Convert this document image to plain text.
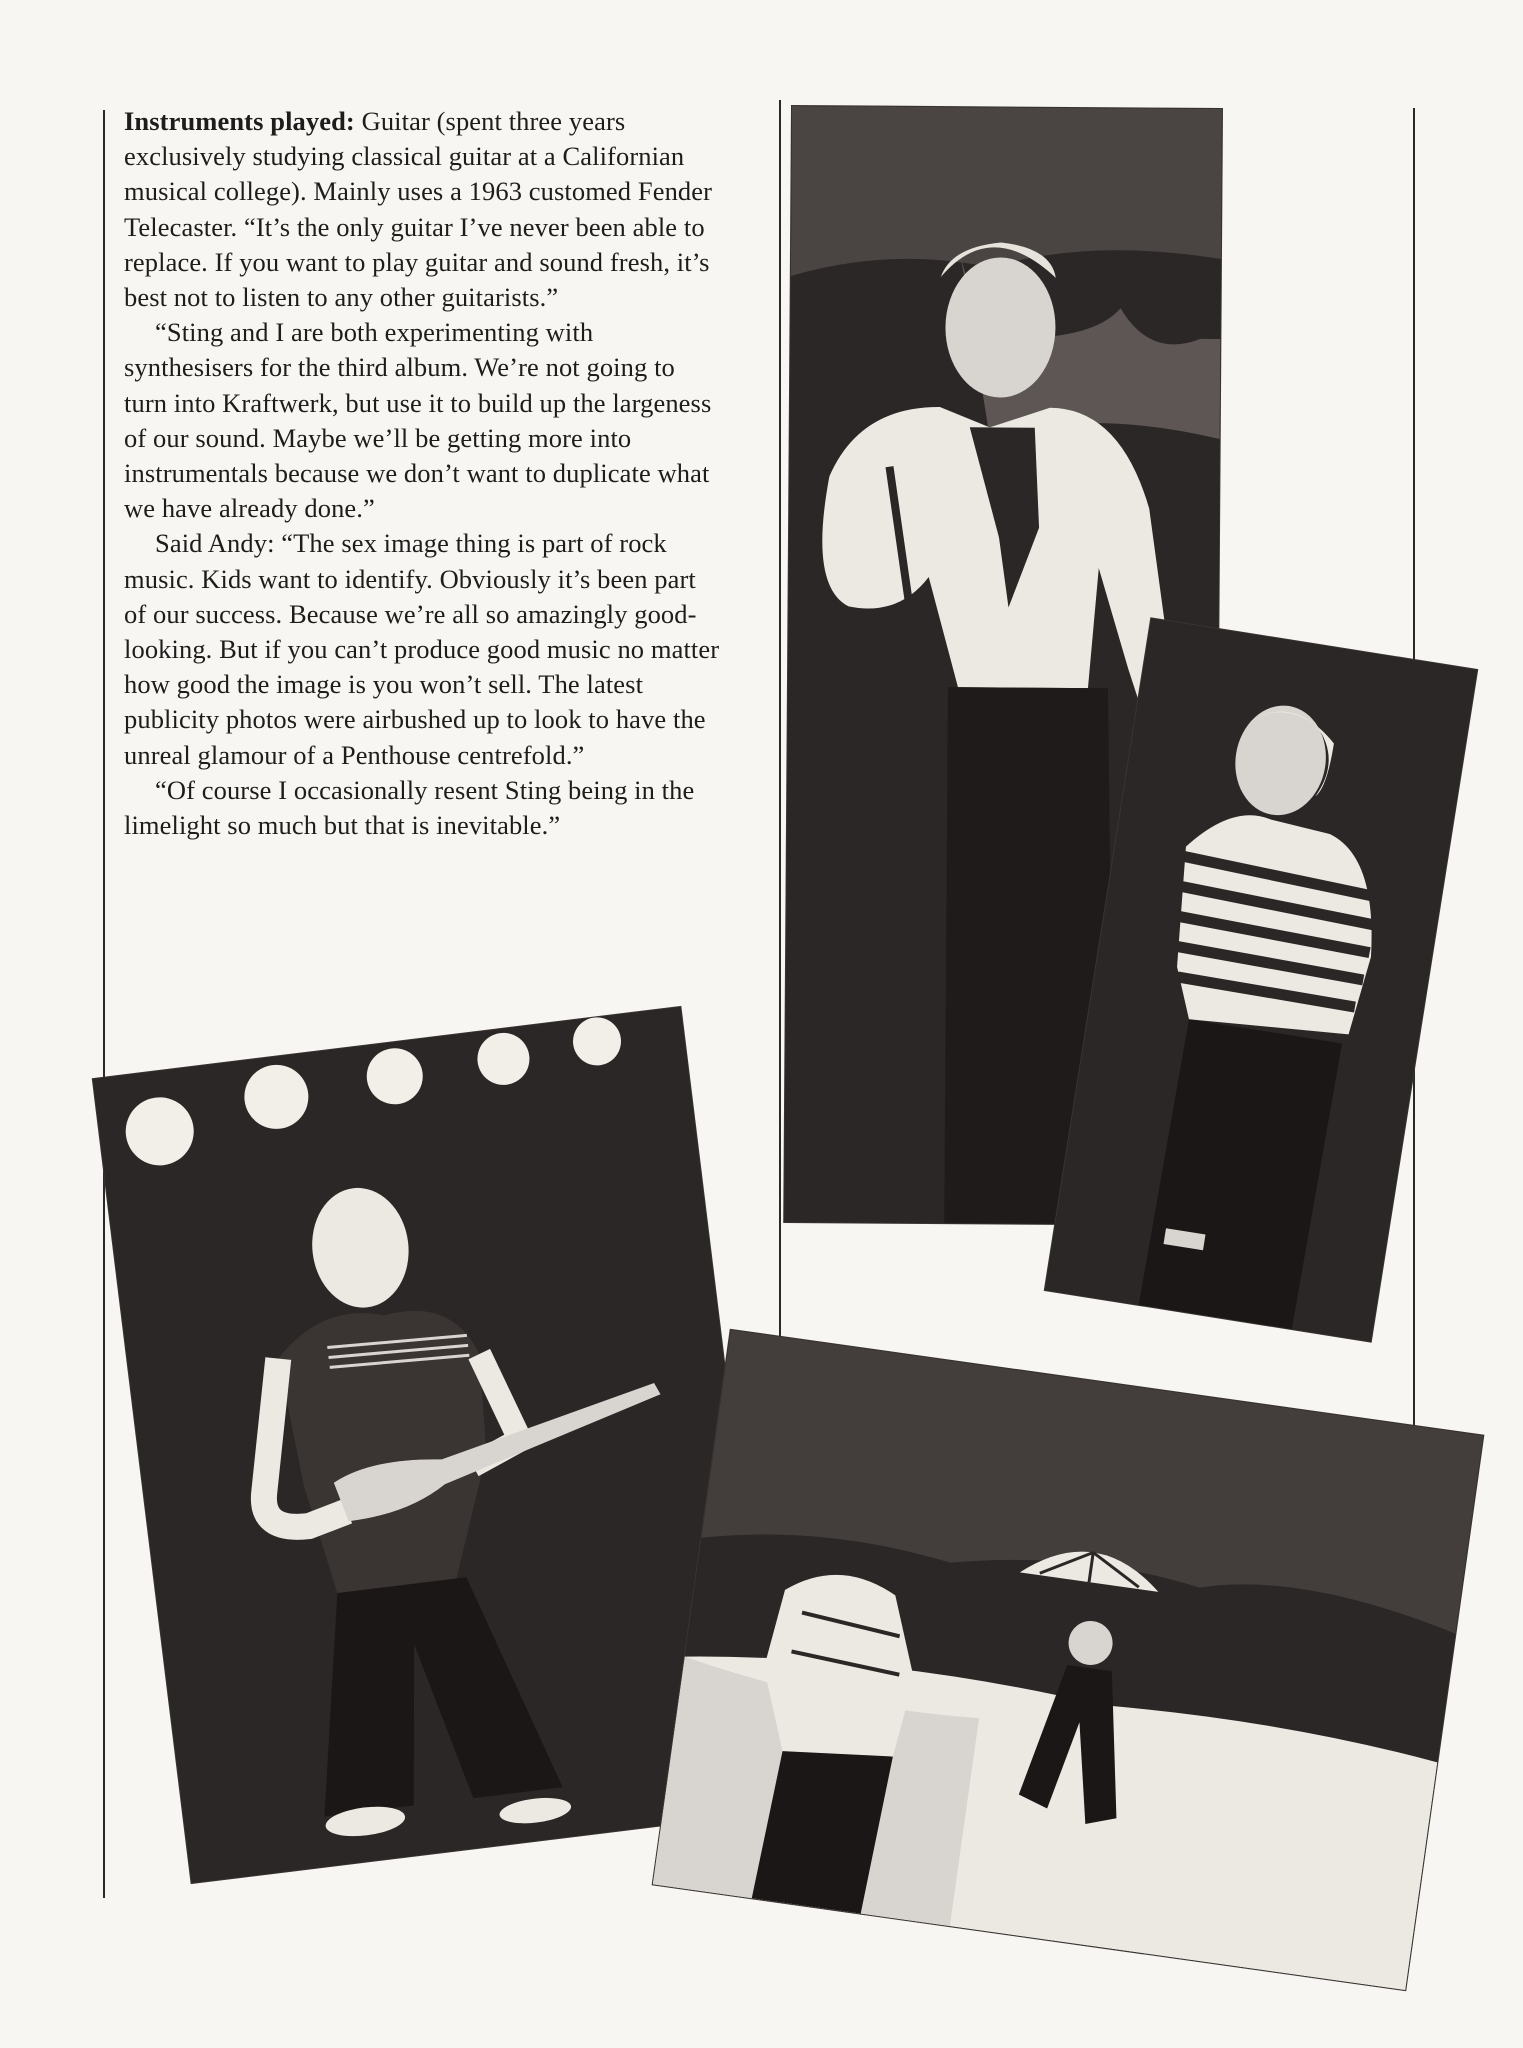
Instruments played: Guitar (spent three years exclusively studying classical guitar at a Californian musical college). Mainly uses a 1963 customed Fender Telecaster. “It’s the only guitar I’ve never been able to replace. If you want to play guitar and sound fresh, it’s best not to listen to any other guitarists.”

“Sting and I are both experimenting with synthesisers for the third album. We’re not going to turn into Kraftwerk, but use it to build up the largeness of our sound. Maybe we’ll be getting more into instrumentals because we don’t want to duplicate what we have already done.”

Said Andy: “The sex image thing is part of rock music. Kids want to identify. Obviously it’s been part of our success. Because we’re all so amazingly good-looking. But if you can’t produce good music no matter how good the image is you won’t sell. The latest publicity photos were airbushed up to look to have the unreal glamour of a Penthouse centrefold.”

“Of course I occasionally resent Sting being in the limelight so much but that is inevitable.”
